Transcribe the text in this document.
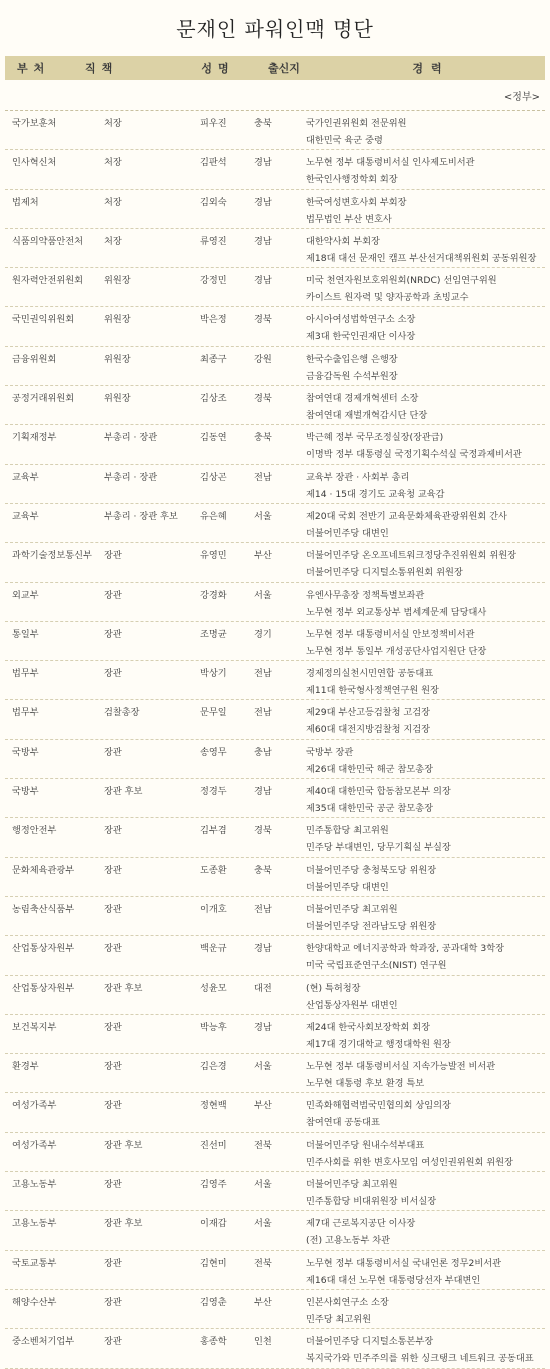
문재인 파워인맥 명단
부처	직책	성명	출신지	경력
<정부>
국가보훈처	처장	피우진	충북	국가인권위원회 전문위원
대한민국 육군 중령
인사혁신처	처장	김판석	경남	노무현 정부 대통령비서실 인사제도비서관
한국인사행정학회 회장
법제처	처장	김외숙	경남	한국여성변호사회 부회장
법무법인 부산 변호사
식품의약품안전처	처장	류영진	경남	대한약사회 부회장
제18대 대선 문재인 캠프 부산선거대책위원회 공동위원장
원자력안전위원회	위원장	강정민	경남	미국 천연자원보호위원회(NRDC) 선임연구위원
카이스트 원자력 및 양자공학과 초빙교수
국민권익위원회	위원장	박은정	경북	아시아여성법학연구소 소장
제3대 한국인권재단 이사장
금융위원회	위원장	최종구	강원	한국수출입은행 은행장
금융감독원 수석부원장
공정거래위원회	위원장	김상조	경북	참여연대 경제개혁센터 소장
참여연대 재벌개혁감시단 단장
기획재정부	부총리 · 장관	김동연	충북	박근혜 정부 국무조정실장(장관급)
이명박 정부 대통령실 국정기획수석실 국정과제비서관
교육부	부총리 · 장관	김상곤	전남	교육부 장관 · 사회부 총리
제14 · 15대 경기도 교육청 교육감
교육부	부총리 · 장관 후보	유은혜	서울	제20대 국회 전반기 교육문화체육관광위원회 간사
더불어민주당 대변인
과학기술정보통신부	장관	유영민	부산	더불어민주당 온오프네트워크정당추진위원회 위원장
더불어민주당 디지털소통위원회 위원장
외교부	장관	강경화	서울	유엔사무총장 정책특별보좌관
노무현 정부 외교통상부 범세계문제 담당대사
통일부	장관	조명균	경기	노무현 정부 대통령비서실 안보정책비서관
노무현 정부 통일부 개성공단사업지원단 단장
법무부	장관	박상기	전남	경제정의실천시민연합 공동대표
제11대 한국형사정책연구원 원장
법무부	검찰총장	문무일	전남	제29대 부산고등검찰청 고검장
제60대 대전지방검찰청 지검장
국방부	장관	송영무	충남	국방부 장관
제26대 대한민국 해군 참모총장
국방부	장관 후보	정경두	경남	제40대 대한민국 합동참모본부 의장
제35대 대한민국 공군 참모총장
행정안전부	장관	김부겸	경북	민주통합당 최고위원
민주당 부대변인, 당무기획실 부실장
문화체육관광부	장관	도종환	충북	더불어민주당 충청북도당 위원장
더불어민주당 대변인
농림축산식품부	장관	이개호	전남	더불어민주당 최고위원
더불어민주당 전라남도당 위원장
산업통상자원부	장관	백운규	경남	한양대학교 에너지공학과 학과장, 공과대학 3학장
미국 국립표준연구소(NIST) 연구원
산업통상자원부	장관 후보	성윤모	대전	(현) 특허청장
산업통상자원부 대변인
보건복지부	장관	박능후	경남	제24대 한국사회보장학회 회장
제17대 경기대학교 행정대학원 원장
환경부	장관	김은경	서울	노무현 정부 대통령비서실 지속가능발전 비서관
노무현 대통령 후보 환경 특보
여성가족부	장관	정현백	부산	민족화해협력범국민협의회 상임의장
참여연대 공동대표
여성가족부	장관 후보	진선미	전북	더불어민주당 원내수석부대표
민주사회를 위한 변호사모임 여성인권위원회 위원장
고용노동부	장관	김영주	서울	더불어민주당 최고위원
민주통합당 비대위원장 비서실장
고용노동부	장관 후보	이재갑	서울	제7대 근로복지공단 이사장
(전) 고용노동부 차관
국토교통부	장관	김현미	전북	노무현 정부 대통령비서실 국내언론 정무2비서관
제16대 대선 노무현 대통령당선자 부대변인
해양수산부	장관	김영춘	부산	인본사회연구소 소장
민주당 최고위원
중소벤처기업부	장관	홍종학	인천	더불어민주당 디지털소통본부장
복지국가와 민주주의를 위한 싱크탱크 네트워크 공동대표
